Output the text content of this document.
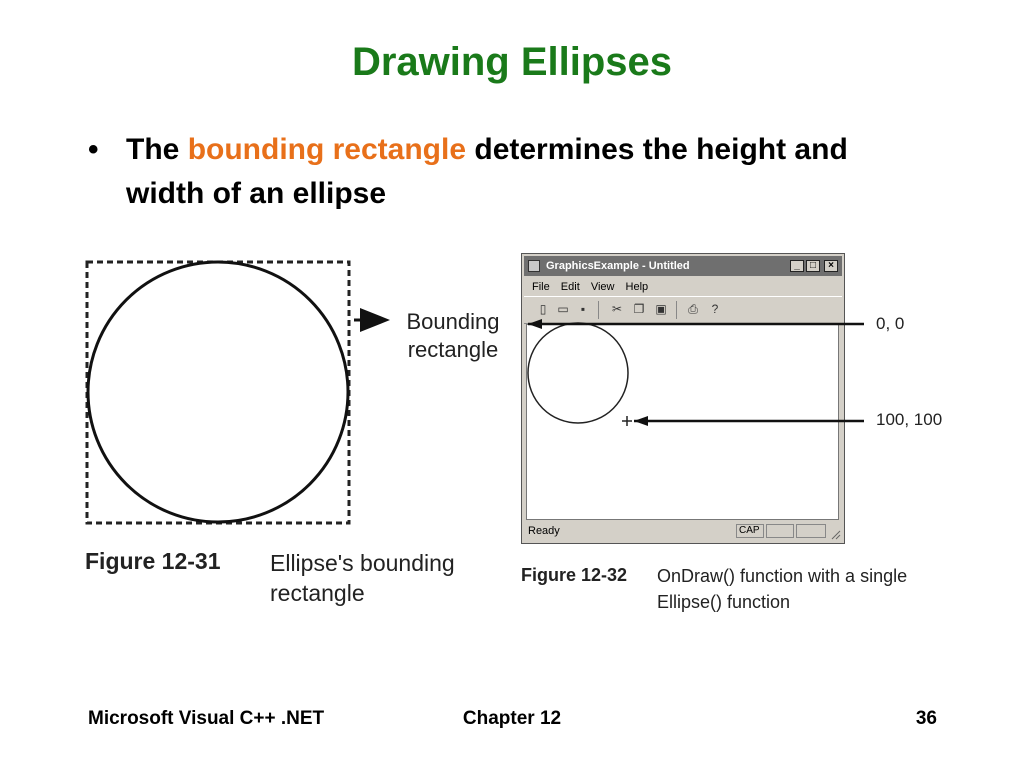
Drawing Ellipses
• The bounding rectangle determines the height and width of an ellipse
Bounding
rectangle
Figure 12-31 Ellipse's bounding rectangle
GraphicsExample - Untitled	_	□	×
File Edit View Help
▯ ▭	▪	✂ ❐ ▣ ⎙	?
Ready	CAP
0, 0
100, 100
Figure 12-32 OnDraw() function with a single Ellipse() function
Microsoft Visual C++ .NET	Chapter 12	36
